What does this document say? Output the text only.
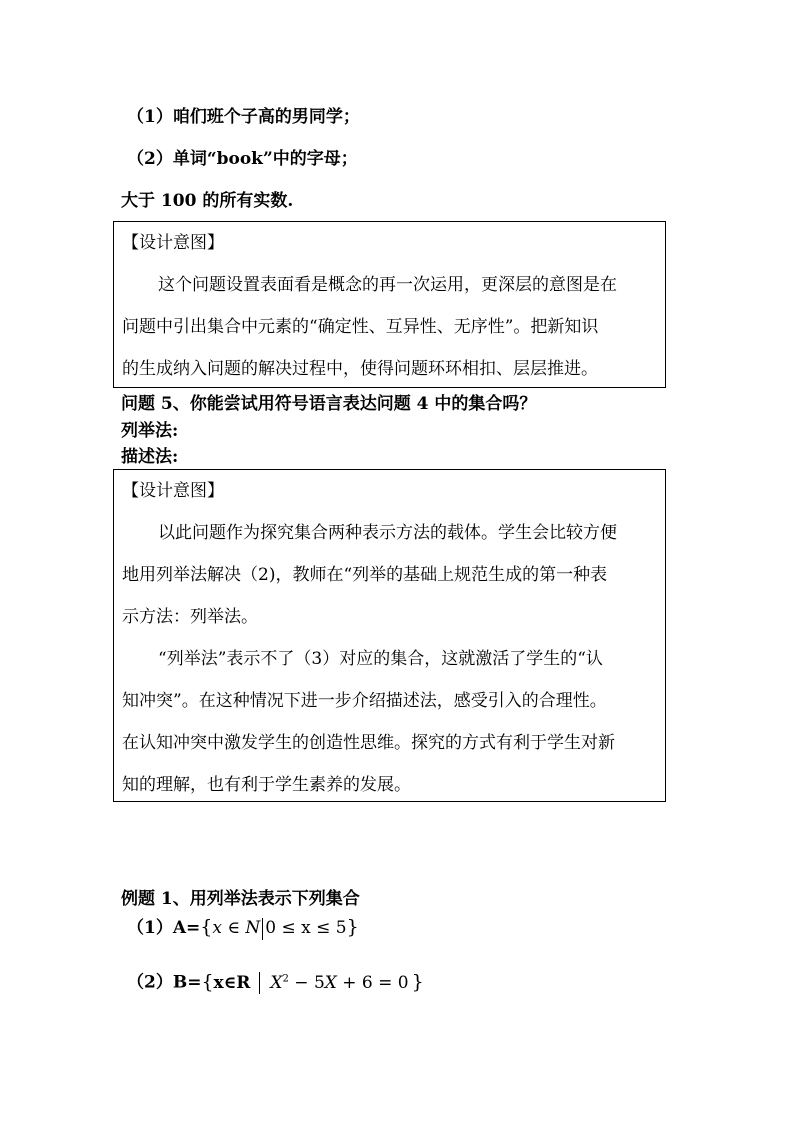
（1）咱们班个子高的男同学；
（2）单词“book”中的字母；
大于 100 的所有实数.
【设计意图】
这个问题设置表面看是概念的再一次运用，更深层的意图是在
问题中引出集合中元素的“确定性、互异性、无序性”。把新知识
的生成纳入问题的解决过程中，使得问题环环相扣、层层推进。
问题 5、你能尝试用符号语言表达问题 4 中的集合吗？
列举法:
描述法:
【设计意图】
以此问题作为探究集合两种表示方法的载体。学生会比较方便
地用列举法解决（2)，教师在“列举的基础上规范生成的第一种表
示方法：列举法。
“列举法”表示不了（3）对应的集合，这就激活了学生的“认
知冲突”。在这种情况下进一步介绍描述法，感受引入的合理性。
在认知冲突中激发学生的创造性思维。探究的方式有利于学生对新
知的理解，也有利于学生素养的发展。
例题 1、用列举法表示下列集合
（1）A={x ∈ N 0 ≤ x ≤ 5}
（2）B={x∈R $X^2 - 5X + 6 = 0$ }
